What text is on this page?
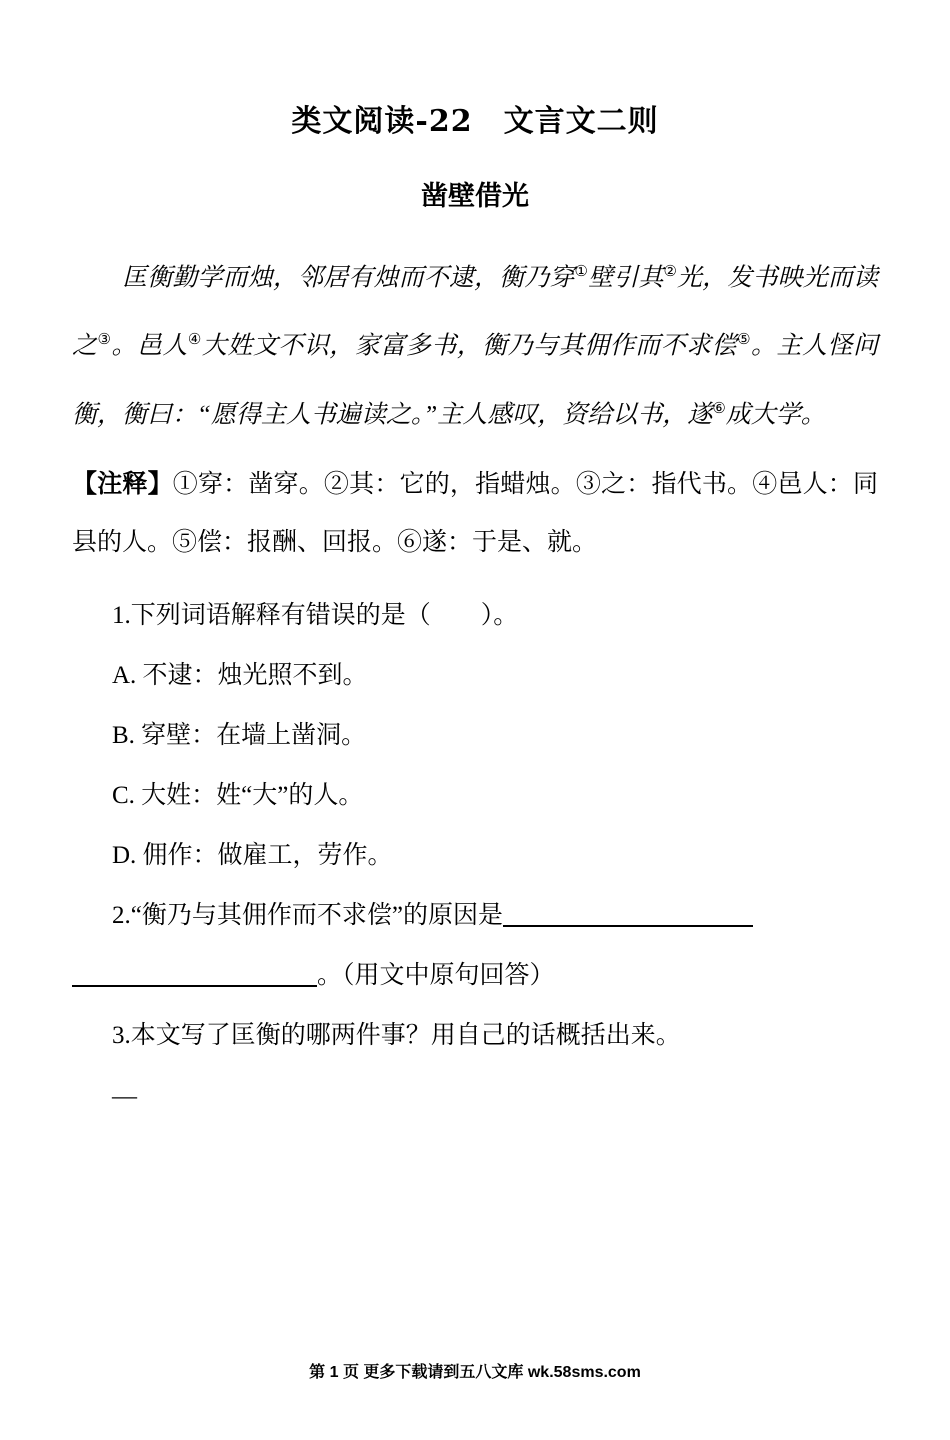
类文阅读-22　文言文二则
凿壁借光
匡衡勤学而烛，邻居有烛而不逮，衡乃穿①壁引其②光，发书映光而读之③。邑人④大姓文不识，家富多书，衡乃与其佣作而不求偿⑤。主人怪问衡，衡曰：“愿得主人书遍读之。”主人感叹，资给以书，遂⑥成大学。
【注释】①穿：凿穿。②其：它的，指蜡烛。③之：指代书。④邑人：同县的人。⑤偿：报酬、回报。⑥遂：于是、就。
1.下列词语解释有错误的是（　　）。
A. 不逮：烛光照不到。
B. 穿壁：在墙上凿洞。
C. 大姓：姓“大”的人。
D. 佣作：做雇工，劳作。
2.“衡乃与其佣作而不求偿”的原因是
。（用文中原句回答）
3.本文写了匡衡的哪两件事？用自己的话概括出来。
—
第 1 页 更多下载请到五八文库 wk.58sms.com
